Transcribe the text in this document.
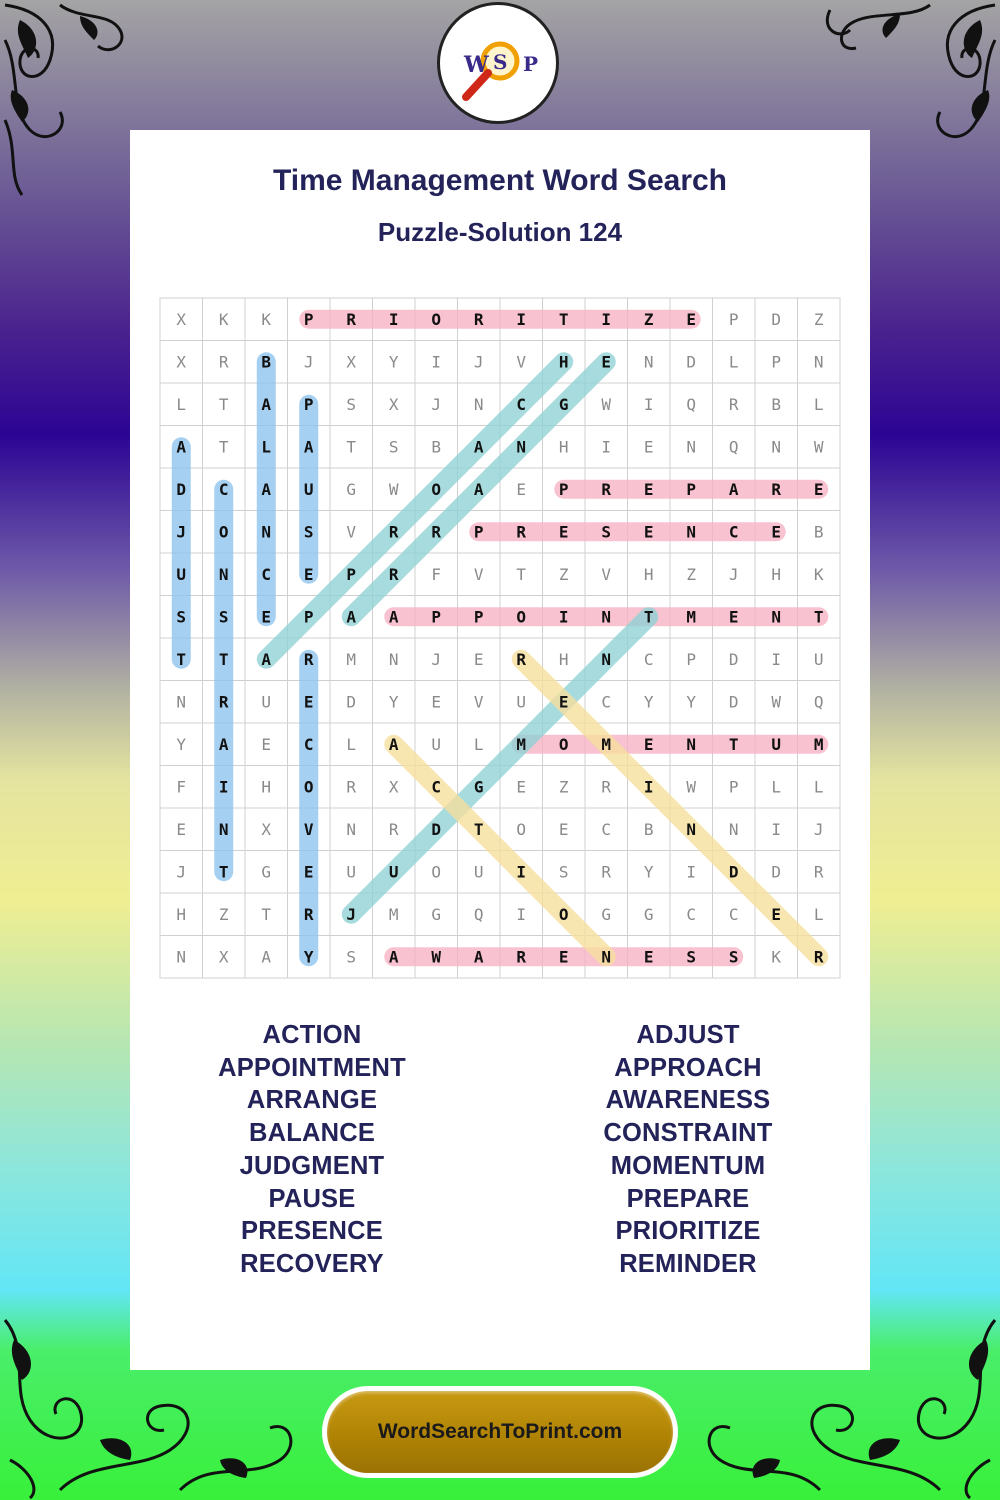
W S P
Time Management Word Search
Puzzle-Solution 124
X K K P R I O R I T I Z E P D Z
X R B J X Y I J V H E N D L P N
L T A P S X J N C G W I Q R B L
A T L A T S B A N H I E N Q N W
D C A U G W O A E P R E P A R E
J O N S V R R P R E S E N C E B
U N C E P R F V T Z V H Z J H K
S S E P A A P P O I N T M E N T
T T A R M N J E R H N C P D I U
N R U E D Y E V U E C Y Y D W Q
Y A E C L A U L M O M E N T U M
F I H O R X C G E Z R I W P L L
E N X V N R D T O E C B N N I J
J T G E U U O U I S R Y I D D R
H Z T R J M G Q I O G G C C E L
N X A Y S A W A R E N E S S K R
ACTION
APPOINTMENT
ARRANGE
BALANCE
JUDGMENT
PAUSE
PRESENCE
RECOVERY
ADJUST
APPROACH
AWARENESS
CONSTRAINT
MOMENTUM
PREPARE
PRIORITIZE
REMINDER
WordSearchToPrint.com
